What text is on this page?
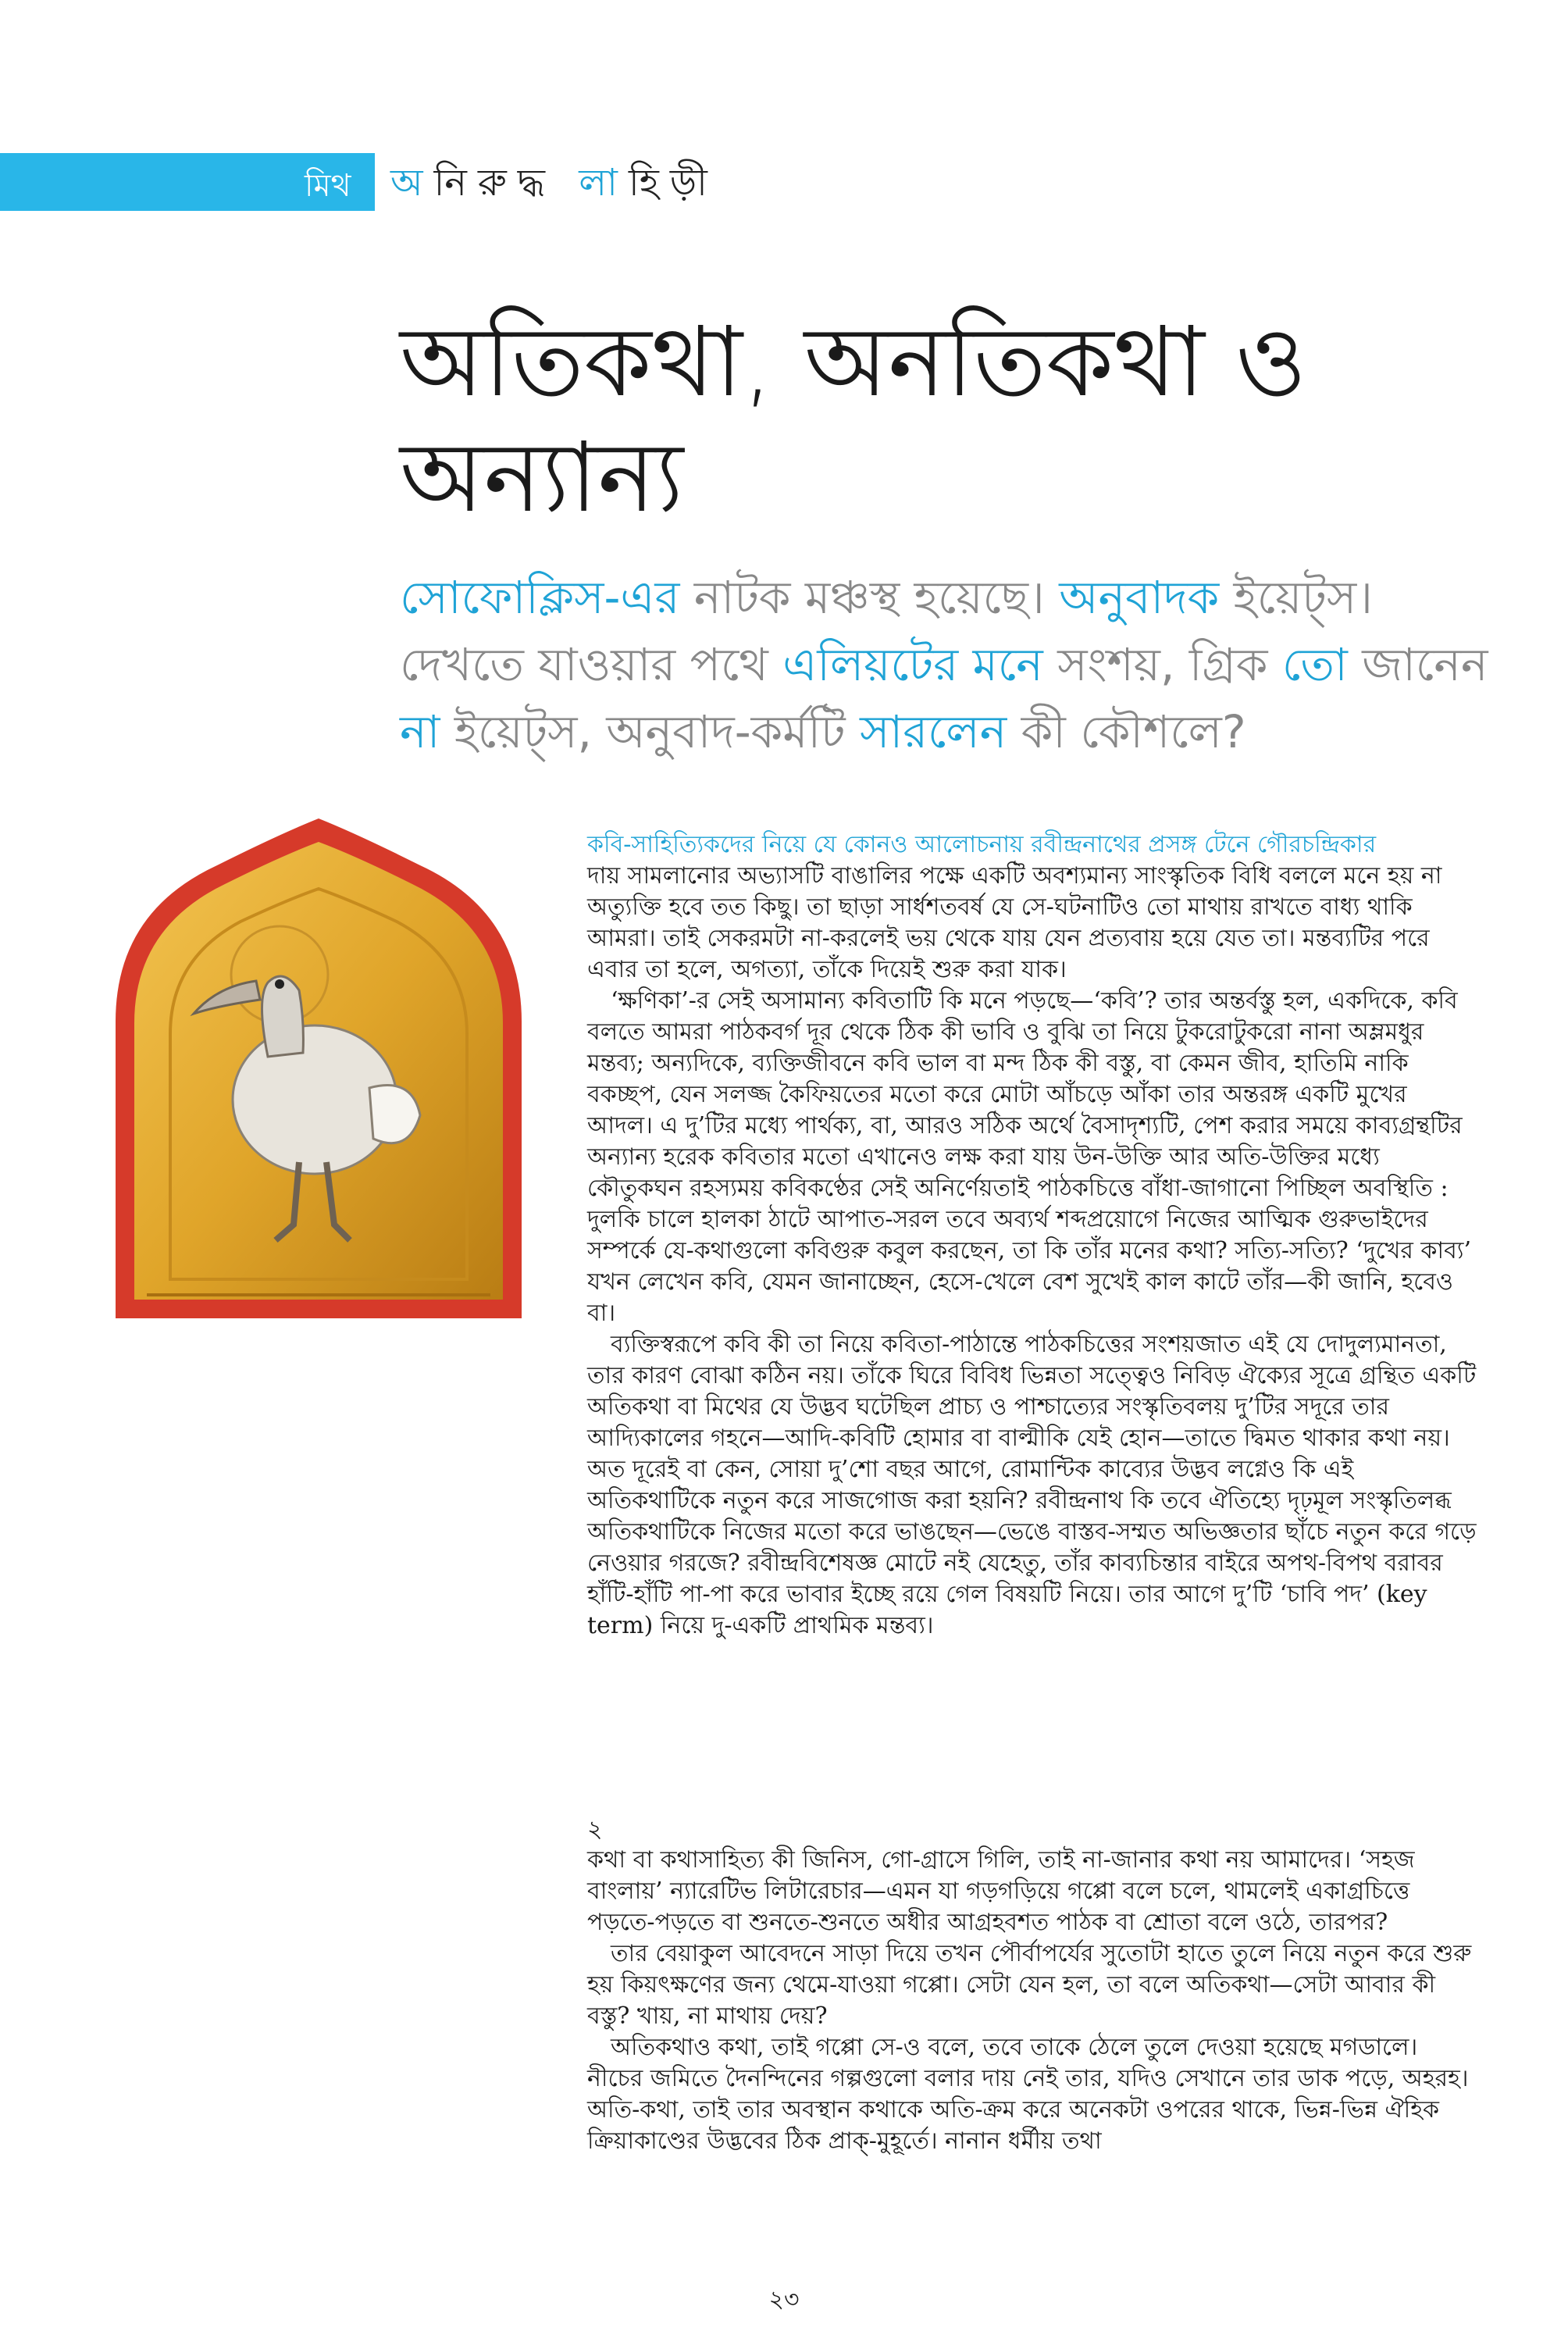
মিথ অনিরুদ্ধ লাহিড়ী
অতিকথা, অনতিকথা ও অন্যান্য
সোফোক্লিস-এর নাটক মঞ্চস্থ হয়েছে। অনুবাদক ইয়েট্‌স। দেখতে যাওয়ার পথে এলিয়টের মনে সংশয়, গ্রিক তো জানেন না ইয়েট্‌স, অনুবাদ-কর্মটি সারলেন কী কৌশলে?

কবি-সাহিত্যিকদের নিয়ে যে কোনও আলোচনায় রবীন্দ্রনাথের প্রসঙ্গ টেনে গৌরচন্দ্রিকার

দায় সামলানোর অভ্যাসটি বাঙালির পক্ষে একটি অবশ্যমান্য সাংস্কৃতিক বিধি বললে মনে হয় না অত্যুক্তি হবে তত কিছু। তা ছাড়া সার্ধশতবর্ষ যে সে-ঘটনাটিও তো মাথায় রাখতে বাধ্য থাকি আমরা। তাই সেকরমটা না-করলেই ভয় থেকে যায় যেন প্রত্যবায় হয়ে যেত তা। মন্তব্যটির পরে এবার তা হলে, অগত্যা, তাঁকে দিয়েই শুরু করা যাক।

‘ক্ষণিকা’-র সেই অসামান্য কবিতাটি কি মনে পড়ছে—‘কবি’? তার অন্তর্বস্তু হল, একদিকে, কবি বলতে আমরা পাঠকবর্গ দূর থেকে ঠিক কী ভাবি ও বুঝি তা নিয়ে টুকরোটুকরো নানা অম্লমধুর মন্তব্য; অন্যদিকে, ব্যক্তিজীবনে কবি ভাল বা মন্দ ঠিক কী বস্তু, বা কেমন জীব, হাতিমি নাকি বকচ্ছপ, যেন সলজ্জ কৈফিয়তের মতো করে মোটা আঁচড়ে আঁকা তার অন্তরঙ্গ একটি মুখের আদল। এ দু’টির মধ্যে পার্থক্য, বা, আরও সঠিক অর্থে বৈসাদৃশ্যটি, পেশ করার সময়ে কাব্যগ্রন্থটির অন্যান্য হরেক কবিতার মতো এখানেও লক্ষ করা যায় উন-উক্তি আর অতি-উক্তির মধ্যে কৌতুকঘন রহস্যময় কবিকণ্ঠের সেই অনির্ণেয়তাই পাঠকচিত্তে বাঁধা-জাগানো পিচ্ছিল অবস্থিতি : দুলকি চালে হালকা ঠাটে আপাত-সরল তবে অব্যর্থ শব্দপ্রয়োগে নিজের আত্মিক গুরুভাইদের সম্পর্কে যে-কথাগুলো কবিগুরু কবুল করছেন, তা কি তাঁর মনের কথা? সত্যি-সত্যি? ‘দুখের কাব্য’ যখন লেখেন কবি, যেমন জানাচ্ছেন, হেসে-খেলে বেশ সুখেই কাল কাটে তাঁর—কী জানি, হবেও বা।

ব্যক্তিস্বরূপে কবি কী তা নিয়ে কবিতা-পাঠান্তে পাঠকচিত্তের সংশয়জাত এই যে দোদুল্যমানতা, তার কারণ বোঝা কঠিন নয়। তাঁকে ঘিরে বিবিধ ভিন্নতা সত্ত্বেও নিবিড় ঐক্যের সূত্রে গ্রন্থিত একটি অতিকথা বা মিথের যে উদ্ভব ঘটেছিল প্রাচ্য ও পাশ্চাত্যের সংস্কৃতিবলয় দু’টির সদূরে তার আদ্যিকালের গহনে—আদি-কবিটি হোমার বা বাল্মীকি যেই হোন—তাতে দ্বিমত থাকার কথা নয়। অত দূরেই বা কেন, সোয়া দু’শো বছর আগে, রোমান্টিক কাব্যের উদ্ভব লগ্নেও কি এই অতিকথাটিকে নতুন করে সাজগোজ করা হয়নি? রবীন্দ্রনাথ কি তবে ঐতিহ্যে দৃঢ়মূল সংস্কৃতিলব্ধ অতিকথাটিকে নিজের মতো করে ভাঙছেন—ভেঙে বাস্তব-সম্মত অভিজ্ঞতার ছাঁচে নতুন করে গড়ে নেওয়ার গরজে? রবীন্দ্রবিশেষজ্ঞ মোটে নই যেহেতু, তাঁর কাব্যচিন্তার বাইরে অপথ-বিপথ বরাবর হাঁটি-হাঁটি পা-পা করে ভাবার ইচ্ছে রয়ে গেল বিষয়টি নিয়ে। তার আগে দু’টি ‘চাবি পদ’ (key term) নিয়ে দু-একটি প্রাথমিক মন্তব্য।

২

কথা বা কথাসাহিত্য কী জিনিস, গো-গ্রাসে গিলি, তাই না-জানার কথা নয় আমাদের। ‘সহজ বাংলায়’ ন্যারেটিভ লিটারেচার—এমন যা গড়গড়িয়ে গপ্পো বলে চলে, থামলেই একাগ্রচিত্তে পড়তে-পড়তে বা শুনতে-শুনতে অধীর আগ্রহবশত পাঠক বা শ্রোতা বলে ওঠে, তারপর?

তার বেয়াকুল আবেদনে সাড়া দিয়ে তখন পৌর্বাপর্যের সুতোটা হাতে তুলে নিয়ে নতুন করে শুরু হয় কিয়ৎক্ষণের জন্য থেমে-যাওয়া গপ্পো। সেটা যেন হল, তা বলে অতিকথা—সেটা আবার কী বস্তু? খায়, না মাথায় দেয়?

অতিকথাও কথা, তাই গপ্পো সে-ও বলে, তবে তাকে ঠেলে তুলে দেওয়া হয়েছে মগডালে। নীচের জমিতে দৈনন্দিনের গল্পগুলো বলার দায় নেই তার, যদিও সেখানে তার ডাক পড়ে, অহরহ। অতি-কথা, তাই তার অবস্থান কথাকে অতি-ক্রম করে অনেকটা ওপরের থাকে, ভিন্ন-ভিন্ন ঐহিক ক্রিয়াকাণ্ডের উদ্ভবের ঠিক প্রাক্‌-মুহূর্তে। নানান ধর্মীয় তথা

২৩
